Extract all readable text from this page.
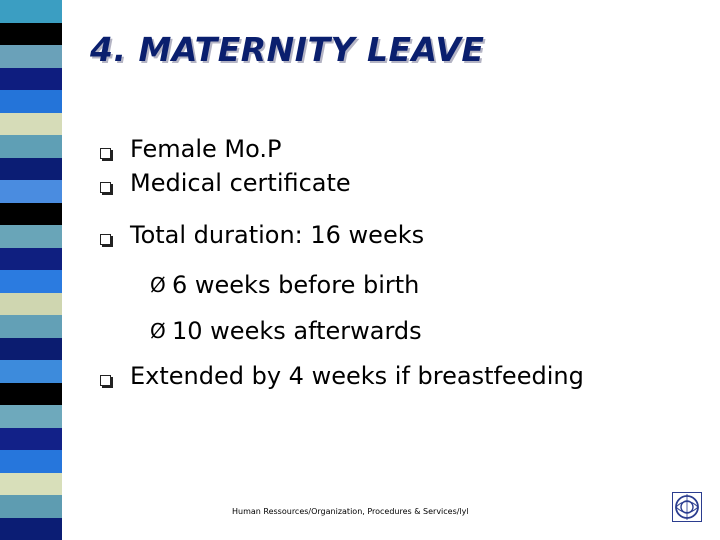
4. MATERNITY LEAVE
Female Mo.P
Medical certificate
Total duration: 16 weeks
Ø 6 weeks before birth
Ø 10 weeks afterwards
Extended by 4 weeks if breastfeeding
Human Ressources/Organization, Procedures & Services/lyl
